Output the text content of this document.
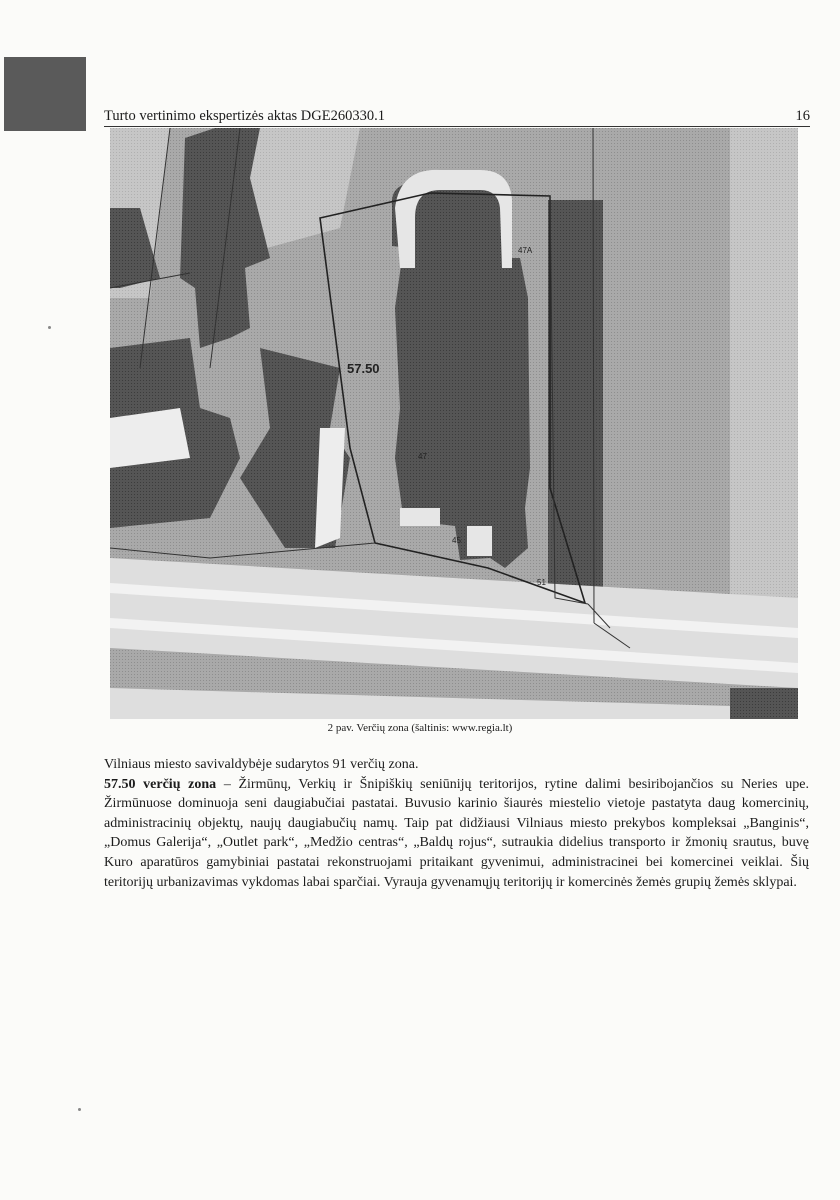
Turto vertinimo ekspertizės aktas DGE260330.1	16
57.50
47A
47
45
51
2 pav. Verčių zona (šaltinis: www.regia.lt)

Vilniaus miesto savivaldybėje sudarytos 91 verčių zona.

57.50 verčių zona – Žirmūnų, Verkių ir Šnipiškių seniūnijų teritorijos, rytine dalimi besiribojančios su Neries upe. Žirmūnuose dominuoja seni daugiabučiai pastatai. Buvusio karinio šiaurės miestelio vietoje pastatyta daug komercinių, administracinių objektų, naujų daugiabučių namų. Taip pat didžiausi Vilniaus miesto prekybos kompleksai „Banginis“, „Domus Galerija“, „Outlet park“, „Medžio centras“, „Baldų rojus“, sutraukia didelius transporto ir žmonių srautus, buvę Kuro aparatūros gamybiniai pastatai rekonstruojami pritaikant gyvenimui, administracinei bei komercinei veiklai. Šių teritorijų urbanizavimas vykdomas labai sparčiai. Vyrauja gyvenamųjų teritorijų ir komercinės žemės grupių žemės sklypai.
